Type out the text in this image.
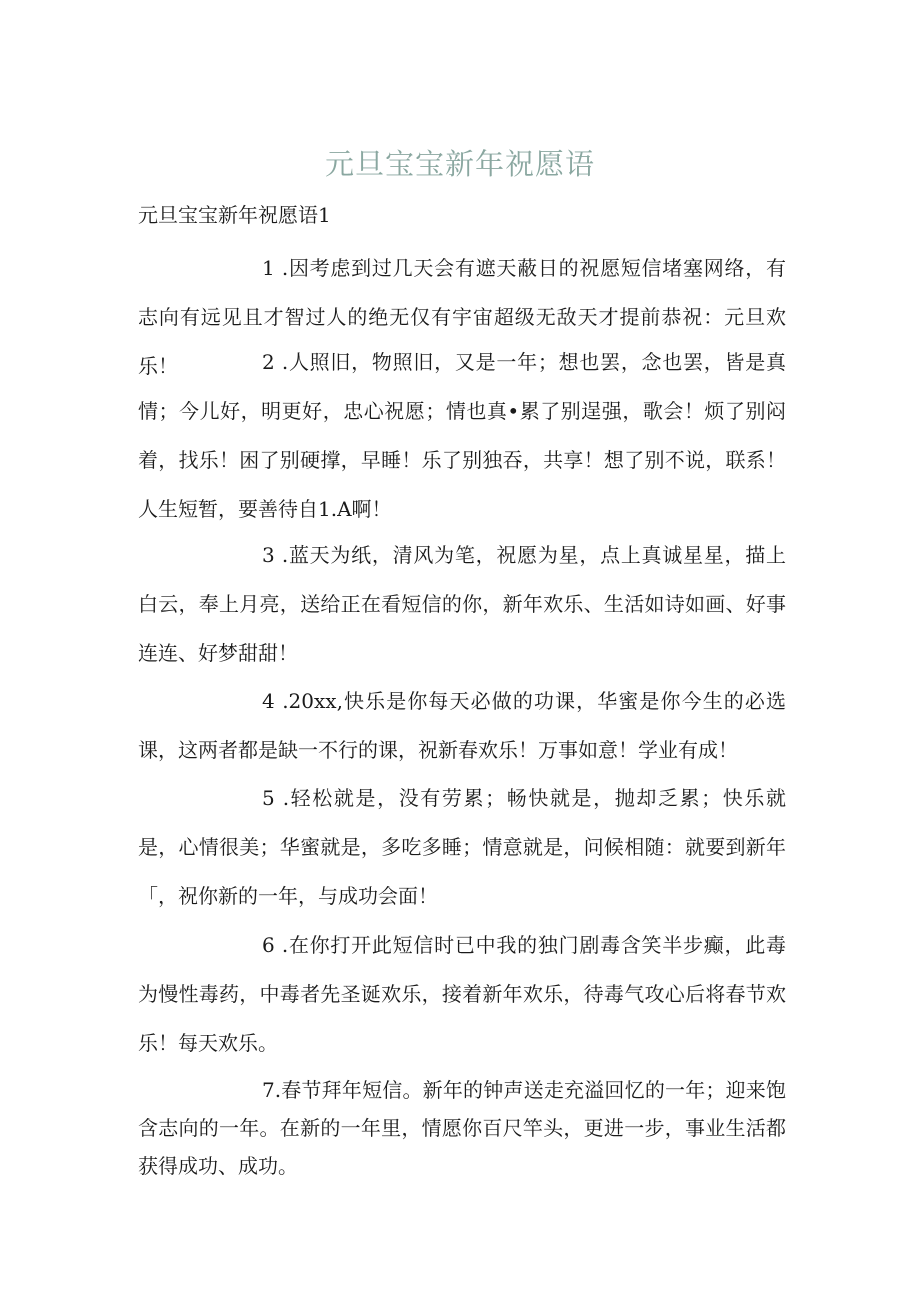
元旦宝宝新年祝愿语
元旦宝宝新年祝愿语1

1 .因考虑到过几天会有遮天蔽日的祝愿短信堵塞网络，有志向有远见且才智过人的绝无仅有宇宙超级无敌天才提前恭祝：元旦欢乐！	2 .人照旧，物照旧，又是一年；想也罢，念也罢，皆是真情；今儿好，明更好，忠心祝愿；情也真•累了别逞强，歌会！烦了别闷着，找乐！困了别硬撑，早睡！乐了别独吞，共享！想了别不说，联系！人生短暂，要善待自1.A啊！

3 .蓝天为纸，清风为笔，祝愿为星，点上真诚星星，描上白云，奉上月亮，送给正在看短信的你，新年欢乐、生活如诗如画、好事连连、好梦甜甜！

4 .20xx,快乐是你每天必做的功课，华蜜是你今生的必选课，这两者都是缺一不行的课，祝新春欢乐！万事如意！学业有成！

5 .轻松就是，没有劳累；畅快就是，抛却乏累；快乐就是，心情很美；华蜜就是，多吃多睡；情意就是，问候相随：就要到新年「，祝你新的一年，与成功会面！

6 .在你打开此短信时已中我的独门剧毒含笑半步癫，此毒为慢性毒药，中毒者先圣诞欢乐，接着新年欢乐，待毒气攻心后将春节欢乐！每天欢乐。

7.春节拜年短信。新年的钟声送走充溢回忆的一年；迎来饱含志向的一年。在新的一年里，情愿你百尺竿头，更进一步，事业生活都获得成功、成功。
